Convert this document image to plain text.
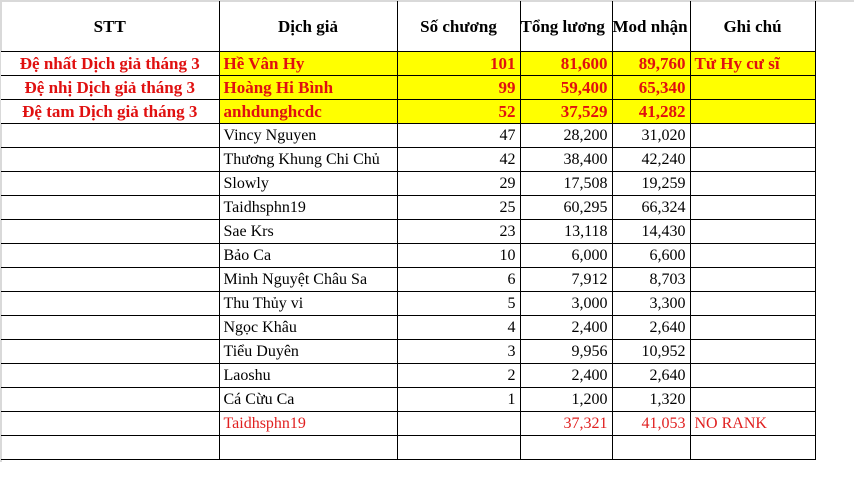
STT	Dịch giả	Số chương	Tổng lương	Mod nhận	Ghi chú
Đệ nhất Dịch giả tháng 3	Hề Vân Hy	101	81,600	89,760	Tử Hy cư sĩ
Đệ nhị Dịch giả tháng 3	Hoàng Hi Bình	99	59,400	65,340	
Đệ tam Dịch giả tháng 3	anhdunghcdc	52	37,529	41,282	
	Vincy Nguyen	47	28,200	31,020	
	Thương Khung Chi Chủ	42	38,400	42,240	
	Slowly	29	17,508	19,259	
	Taidhsphn19	25	60,295	66,324	
	Sae Krs	23	13,118	14,430	
	Bảo Ca	10	6,000	6,600	
	Minh Nguyệt Châu Sa	6	7,912	8,703	
	Thu Thủy vi	5	3,000	3,300	
	Ngọc Khâu	4	2,400	2,640	
	Tiểu Duyên	3	9,956	10,952	
	Laoshu	2	2,400	2,640	
	Cá Cừu Ca	1	1,200	1,320	
	Taidhsphn19		37,321	41,053	NO RANK
